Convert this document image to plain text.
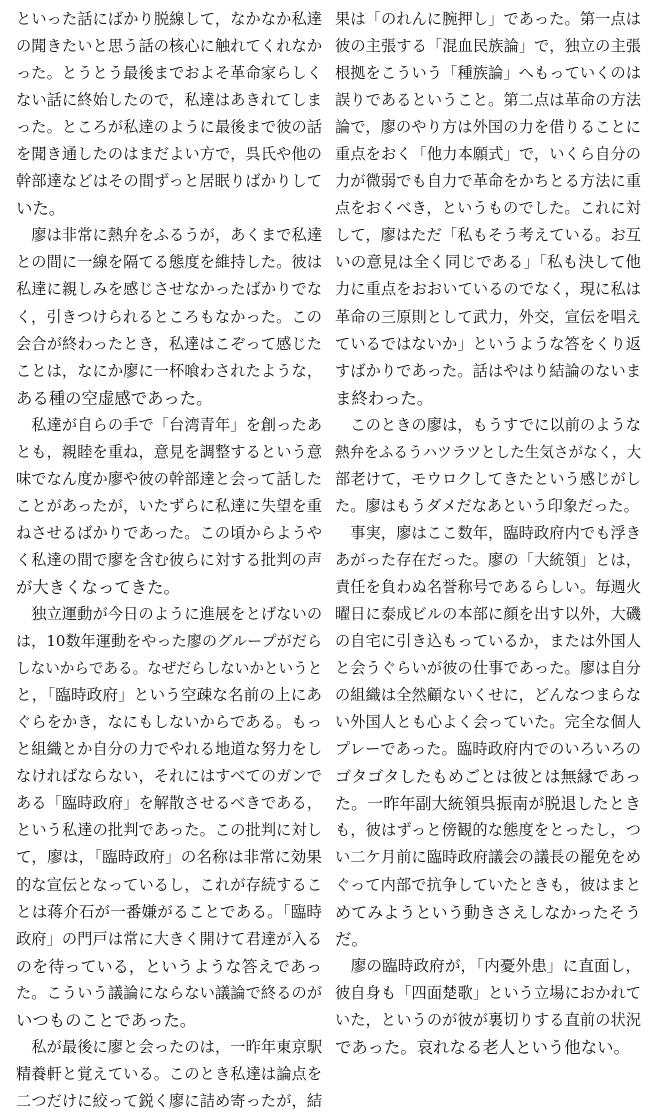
といった話にばかり脱線して，なかなか私達
の聞きたいと思う話の核心に触れてくれなか
った。とうとう最後までおよそ革命家らしく
ない話に終始したので，私達はあきれてしま
った。ところが私達のように最後まで彼の話
を聞き通したのはまだよい方で，呉氏や他の
幹部達などはその間ずっと居眠りばかりして
いた。
　廖は非常に熱弁をふるうが，あくまで私達
との間に一線を隔てる態度を維持した。彼は
私達に親しみを感じさせなかったばかりでな
く，引きつけられるところもなかった。この
会合が終わったとき，私達はこぞって感じた
ことは，なにか廖に一杯喰わされたような，
ある種の空虚感であった。
　私達が自らの手で「台湾青年」を創ったあ
とも，親睦を重ね，意見を調整するという意
味でなん度か廖や彼の幹部達と会って話した
ことがあったが，いたずらに私達に失望を重
ねさせるばかりであった。この頃からようや
く私達の間で廖を含む彼らに対する批判の声
が大きくなってきた。
　独立運動が今日のように進展をとげないの
は，10数年運動をやった廖のグループがだら
しないからである。なぜだらしないかというと
と，「臨時政府」という空疎な名前の上にあ
ぐらをかき，なにもしないからである。もっ
と組織とか自分の力でやれる地道な努力をし
なければならない，それにはすべてのガンで
ある「臨時政府」を解散させるべきである，
という私達の批判であった。この批判に対し
て，廖は，「臨時政府」の名称は非常に効果
的な宣伝となっているし，これが存続するこ
とは蒋介石が一番嫌がることである。「臨時
政府」の門戸は常に大きく開けて君達が入る
のを待っている，というような答えであっ
た。こういう議論にならない議論で終るのが
いつものことであった。
　私が最後に廖と会ったのは，一昨年東京駅
精養軒と覚えている。このとき私達は論点を
二つだけに絞って鋭く廖に詰め寄ったが，結
果は「のれんに腕押し」であった。第一点は
彼の主張する「混血民族論」で，独立の主張
根拠をこういう「種族論」へもっていくのは
誤りであるということ。第二点は革命の方法
論で，廖のやり方は外国の力を借りることに
重点をおく「他力本願式」で，いくら自分の
力が微弱でも自力で革命をかちとる方法に重
点をおくべき，というものでした。これに対
して，廖はただ「私もそう考えている。お互
いの意見は全く同じである」「私も決して他
力に重点をおおいているのでなく，現に私は
革命の三原則として武力，外交，宣伝を唱え
ているではないか」というような答をくり返
すばかりであった。話はやはり結論のないま
ま終わった。
　このときの廖は，もうすでに以前のような
熱弁をふるうハツラツとした生気さがなく，大
部老けて，モウロクしてきたという感じがし
た。廖はもうダメだなあという印象だった。
　事実，廖はここ数年，臨時政府内でも浮き
あがった存在だった。廖の「大統領」とは，
責任を負わぬ名誉称号であるらしい。毎週火
曜日に泰成ビルの本部に顔を出す以外，大磯
の自宅に引き込もっているか，または外国人
と会うぐらいが彼の仕事であった。廖は自分
の組織は全然顧ないくせに，どんなつまらな
い外国人とも心よく会っていた。完全な個人
プレーであった。臨時政府内でのいろいろの
ゴタゴタしたもめごとは彼とは無縁であっ
た。一昨年副大統領呉振南が脱退したとき
も，彼はずっと傍観的な態度をとったし，つ
い二ケ月前に臨時政府議会の議長の罷免をめ
ぐって内部で抗争していたときも，彼はまと
めてみようという動きさえしなかったそう
だ。
　廖の臨時政府が，「内憂外患」に直面し，
彼自身も「四面楚歌」という立場におかれて
いた，というのが彼が裏切りする直前の状況
であった。哀れなる老人という他ない。
